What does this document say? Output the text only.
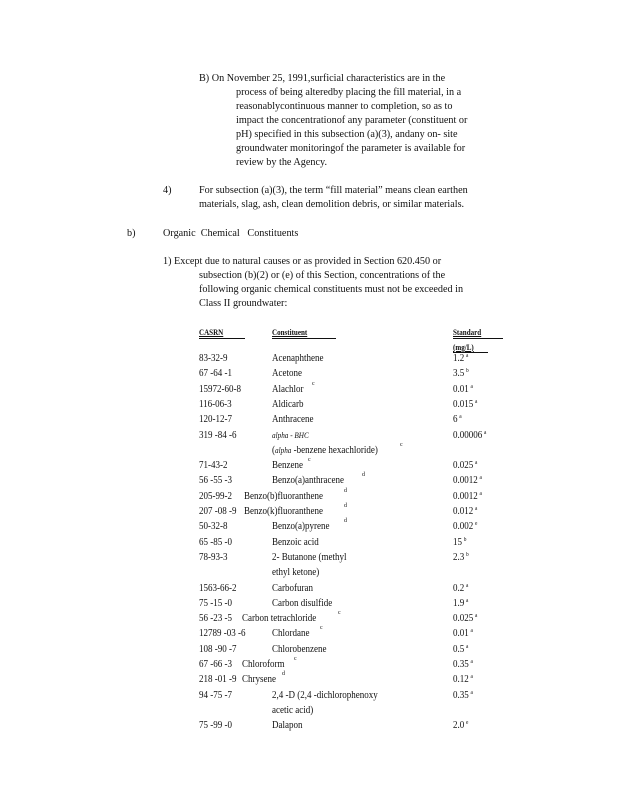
B) On November 25, 1991,surficial characteristics are in the
process of being alteredby placing the fill material, in a
reasonablycontinuous manner to completion, so as to
impact the concentrationof any parameter (constituent or
pH) specified in this subsection (a)(3), andany on- site
groundwater monitoringof the parameter is available for
review by the Agency.
4)	For subsection (a)(3), the term “fill material” means clean earthen
materials, slag, ash, clean demolition debris, or similar materials.
b)	Organic  Chemical   Constituents
1) Except due to natural causes or as provided in Section 620.450 or
subsection (b)(2) or (e) of this Section, concentrations of the
following organic chemical constituents must not be exceeded in
Class II groundwater:
CASRN	Constituent	Standard
(mg/L)
83-32-9	Acenaphthene	1.2 $^a$
67 -64 -1	Acetone	3.5 $^b$
15972-60-8	Alachlor c	0.01 $^a$
116-06-3	Aldicarb	0.015 $^a$
120-12-7	Anthracene	6 $^a$
319 -84 -6	alpha - BHC	0.00006 $^a$
(alpha -benzene hexachloride)	c
71-43-2	Benzene c	0.025 $^a$
56 -55 -3	Benzo(a)anthracene	d	0.0012 $^a$
205-99-2 Benzo(b)fluoranthene	d	0.0012 $^a$
207 -08 -9 Benzo(k)fluoranthene	d	0.012 $^a$
50-32-8	Benzo(a)pyrene d	0.002 $^e$
65 -85 -0	Benzoic acid	15 $^b$
78-93-3	2- Butanone (methyl	2.3 $^b$
ethyl ketone)
1563-66-2	Carbofuran	0.2 $^a$
75 -15 -0	Carbon disulfide	1.9 $^a$
56 -23 -5 Carbon tetrachloride	c	0.025 $^a$
12789 -03 -6	Chlordane c	0.01 $^a$
108 -90 -7	Chlorobenzene	0.5 $^a$
67 -66 -3 Chloroform c	0.35 $^a$
218 -01 -9 Chrysene d	0.12 $^a$
94 -75 -7	2,4 -D (2,4 -dichlorophenoxy	0.35 $^a$
acetic acid)
75 -99 -0	Dalapon	2.0 $^e$
